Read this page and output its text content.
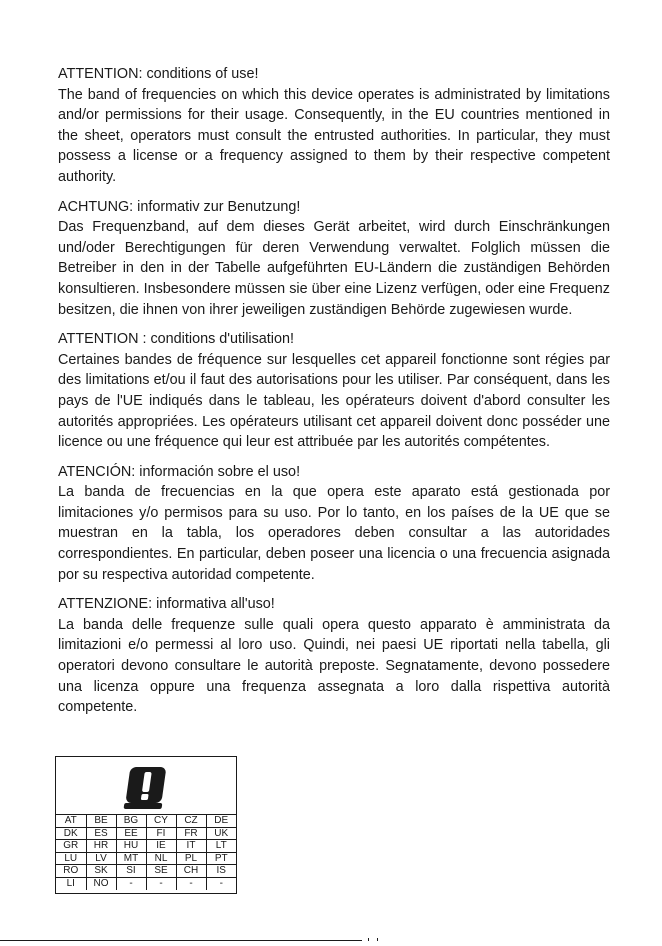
ATTENTION: conditions of use!

The band of frequencies on which this device operates is administrated by limitations and/or permissions for their usage. Consequently, in the EU countries mentioned in the sheet, operators must consult the entrusted authorities. In particular, they must possess a license or a frequency assigned to them by their respective competent authority.

ACHTUNG: informativ zur Benutzung!

Das Frequenzband, auf dem dieses Gerät arbeitet, wird durch Einschränkungen und/oder Berechtigungen für deren Verwendung verwaltet. Folglich müssen die Betreiber in den in der Tabelle aufgeführten EU-Ländern die zuständigen Behörden konsultieren. Insbesondere müssen sie über eine Lizenz verfügen, oder eine Frequenz besitzen, die ihnen von ihrer jeweiligen zuständigen Behörde zugewiesen wurde.

ATTENTION : conditions d'utilisation!

Certaines bandes de fréquence sur lesquelles cet appareil fonctionne sont régies par des limitations et/ou il faut des autorisations pour les utiliser. Par conséquent, dans les pays de l'UE indiqués dans le tableau, les opérateurs doivent d'abord consulter les autorités appropriées. Les opérateurs utilisant cet appareil doivent donc posséder une licence ou une fréquence qui leur est attribuée par les autorités compétentes.

ATENCIÓN: información sobre el uso!

La banda de frecuencias en la que opera este aparato está gestionada por limitaciones y/o permisos para su uso. Por lo tanto, en los países de la UE que se muestran en la tabla, los operadores deben consultar a las autoridades correspondientes. En particular, deben poseer una licencia o una frecuencia asignada por su respectiva autoridad competente.

ATTENZIONE: informativa all'uso!

La banda delle frequenze sulle quali opera questo apparato è amministrata da limitazioni e/o permessi al loro uso. Quindi, nei paesi UE riportati nella tabella, gli operatori devono consultare le autorità preposte. Segnatamente, devono possedere una licenza oppure una frequenza assegnata a loro dalla rispettiva autorità competente.

AT	BE	BG	CY	CZ	DE
DK	ES	EE	FI	FR	UK
GR	HR	HU	IE	IT	LT
LU	LV	MT	NL	PL	PT
RO	SK	SI	SE	CH	IS
LI	NO	-	-	-	-
